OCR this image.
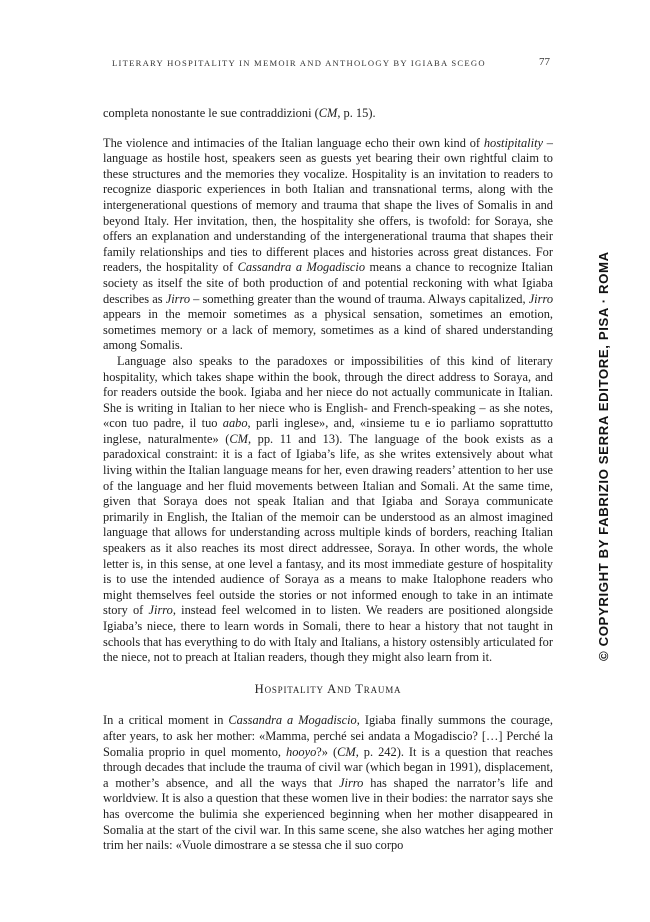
LITERARY HOSPITALITY IN MEMOIR AND ANTHOLOGY BY IGIABA SCEGO	77

completa nonostante le sue contraddizioni (CM, p. 15).

The violence and intimacies of the Italian language echo their own kind of hostipitality – language as hostile host, speakers seen as guests yet bearing their own rightful claim to these structures and the memories they vocalize. Hospitality is an invitation to readers to recognize diasporic experiences in both Italian and transnational terms, along with the intergenerational questions of memory and trauma that shape the lives of Somalis in and beyond Italy. Her invitation, then, the hospitality she offers, is twofold: for Soraya, she offers an explanation and understanding of the intergenerational trauma that shapes their family relationships and ties to different places and histories across great distances. For readers, the hospitality of Cassandra a Mogadiscio means a chance to recognize Italian society as itself the site of both production of and potential reckoning with what Igiaba describes as Jirro – something greater than the wound of trauma. Always capitalized, Jirro appears in the memoir sometimes as a physical sensation, sometimes an emotion, sometimes memory or a lack of memory, sometimes as a kind of shared understanding among Somalis.

Language also speaks to the paradoxes or impossibilities of this kind of literary hospitality, which takes shape within the book, through the direct address to Soraya, and for readers outside the book. Igiaba and her niece do not actually communicate in Italian. She is writing in Italian to her niece who is English- and French-speaking – as she notes, «con tuo padre, il tuo aabo, parli inglese», and, «insieme tu e io parliamo soprattutto inglese, naturalmente» (CM, pp. 11 and 13). The language of the book exists as a paradoxical constraint: it is a fact of Igiaba’s life, as she writes extensively about what living within the Italian language means for her, even drawing readers’ attention to her use of the language and her fluid movements between Italian and Somali. At the same time, given that Soraya does not speak Italian and that Igiaba and Soraya communicate primarily in English, the Italian of the memoir can be understood as an almost imagined language that allows for understanding across multiple kinds of borders, reaching Italian speakers as it also reaches its most direct addressee, Soraya. In other words, the whole letter is, in this sense, at one level a fantasy, and its most immediate gesture of hospitality is to use the intended audience of Soraya as a means to make Italophone readers who might themselves feel outside the stories or not informed enough to take in an intimate story of Jirro, instead feel welcomed in to listen. We readers are positioned alongside Igiaba’s niece, there to learn words in Somali, there to hear a history that not taught in schools that has everything to do with Italy and Italians, a history ostensibly articulated for the niece, not to preach at Italian readers, though they might also learn from it.

Hospitality And Trauma

In a critical moment in Cassandra a Mogadiscio, Igiaba finally summons the courage, after years, to ask her mother: «Mamma, perché sei andata a Mogadiscio? […] Perché la Somalia proprio in quel momento, hooyo?» (CM, p. 242). It is a question that reaches through decades that include the trauma of civil war (which began in 1991), displacement, a mother’s absence, and all the ways that Jirro has shaped the narrator’s life and worldview. It is also a question that these women live in their bodies: the narrator says she has overcome the bulimia she experienced beginning when her mother disappeared in Somalia at the start of the civil war. In this same scene, she also watches her aging mother trim her nails: «Vuole dimostrare a se stessa che il suo corpo

© COPYRIGHT BY FABRIZIO SERRA EDITORE, PISA · ROMA
